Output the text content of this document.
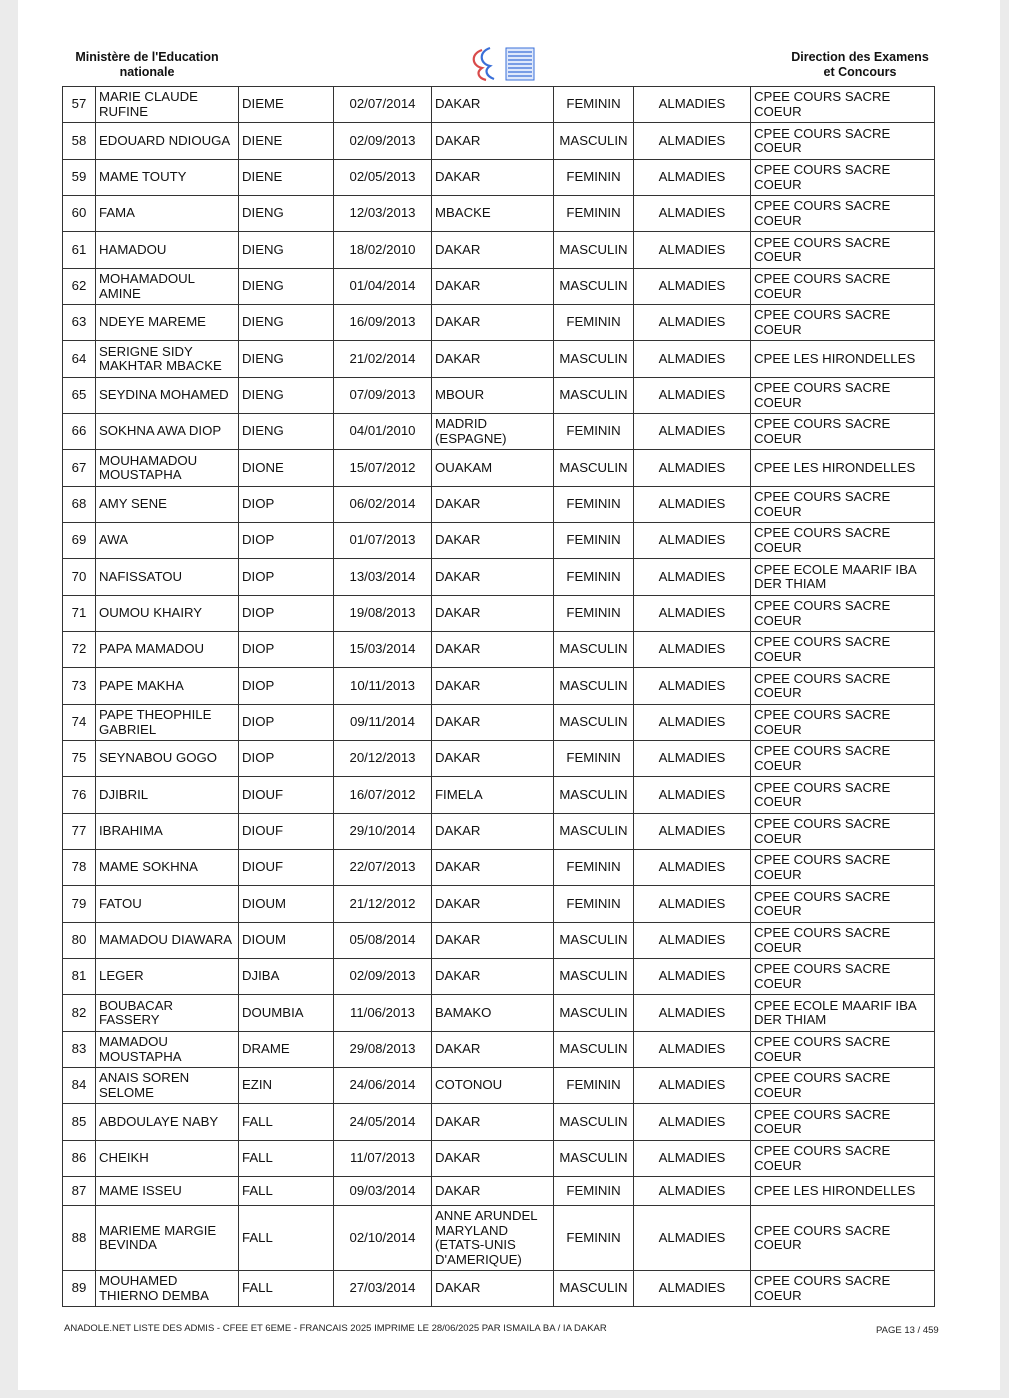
Ministère de l'Education
nationale
Direction des Examens
et Concours
57	MARIE CLAUDE RUFINE	DIEME	02/07/2014	DAKAR	FEMININ	ALMADIES	CPEE COURS SACRE COEUR
58	EDOUARD NDIOUGA	DIENE	02/09/2013	DAKAR	MASCULIN	ALMADIES	CPEE COURS SACRE COEUR
59	MAME TOUTY	DIENE	02/05/2013	DAKAR	FEMININ	ALMADIES	CPEE COURS SACRE COEUR
60	FAMA	DIENG	12/03/2013	MBACKE	FEMININ	ALMADIES	CPEE COURS SACRE COEUR
61	HAMADOU	DIENG	18/02/2010	DAKAR	MASCULIN	ALMADIES	CPEE COURS SACRE COEUR
62	MOHAMADOUL AMINE	DIENG	01/04/2014	DAKAR	MASCULIN	ALMADIES	CPEE COURS SACRE COEUR
63	NDEYE MAREME	DIENG	16/09/2013	DAKAR	FEMININ	ALMADIES	CPEE COURS SACRE COEUR
64	SERIGNE SIDY MAKHTAR MBACKE	DIENG	21/02/2014	DAKAR	MASCULIN	ALMADIES	CPEE LES HIRONDELLES
65	SEYDINA MOHAMED	DIENG	07/09/2013	MBOUR	MASCULIN	ALMADIES	CPEE COURS SACRE COEUR
66	SOKHNA AWA DIOP	DIENG	04/01/2010	MADRID (ESPAGNE)	FEMININ	ALMADIES	CPEE COURS SACRE COEUR
67	MOUHAMADOU MOUSTAPHA	DIONE	15/07/2012	OUAKAM	MASCULIN	ALMADIES	CPEE LES HIRONDELLES
68	AMY SENE	DIOP	06/02/2014	DAKAR	FEMININ	ALMADIES	CPEE COURS SACRE COEUR
69	AWA	DIOP	01/07/2013	DAKAR	FEMININ	ALMADIES	CPEE COURS SACRE COEUR
70	NAFISSATOU	DIOP	13/03/2014	DAKAR	FEMININ	ALMADIES	CPEE ECOLE MAARIF IBA DER THIAM
71	OUMOU KHAIRY	DIOP	19/08/2013	DAKAR	FEMININ	ALMADIES	CPEE COURS SACRE COEUR
72	PAPA MAMADOU	DIOP	15/03/2014	DAKAR	MASCULIN	ALMADIES	CPEE COURS SACRE COEUR
73	PAPE MAKHA	DIOP	10/11/2013	DAKAR	MASCULIN	ALMADIES	CPEE COURS SACRE COEUR
74	PAPE THEOPHILE GABRIEL	DIOP	09/11/2014	DAKAR	MASCULIN	ALMADIES	CPEE COURS SACRE COEUR
75	SEYNABOU GOGO	DIOP	20/12/2013	DAKAR	FEMININ	ALMADIES	CPEE COURS SACRE COEUR
76	DJIBRIL	DIOUF	16/07/2012	FIMELA	MASCULIN	ALMADIES	CPEE COURS SACRE COEUR
77	IBRAHIMA	DIOUF	29/10/2014	DAKAR	MASCULIN	ALMADIES	CPEE COURS SACRE COEUR
78	MAME SOKHNA	DIOUF	22/07/2013	DAKAR	FEMININ	ALMADIES	CPEE COURS SACRE COEUR
79	FATOU	DIOUM	21/12/2012	DAKAR	FEMININ	ALMADIES	CPEE COURS SACRE COEUR
80	MAMADOU DIAWARA	DIOUM	05/08/2014	DAKAR	MASCULIN	ALMADIES	CPEE COURS SACRE COEUR
81	LEGER	DJIBA	02/09/2013	DAKAR	MASCULIN	ALMADIES	CPEE COURS SACRE COEUR
82	BOUBACAR FASSERY	DOUMBIA	11/06/2013	BAMAKO	MASCULIN	ALMADIES	CPEE ECOLE MAARIF IBA DER THIAM
83	MAMADOU MOUSTAPHA	DRAME	29/08/2013	DAKAR	MASCULIN	ALMADIES	CPEE COURS SACRE COEUR
84	ANAIS SOREN SELOME	EZIN	24/06/2014	COTONOU	FEMININ	ALMADIES	CPEE COURS SACRE COEUR
85	ABDOULAYE NABY	FALL	24/05/2014	DAKAR	MASCULIN	ALMADIES	CPEE COURS SACRE COEUR
86	CHEIKH	FALL	11/07/2013	DAKAR	MASCULIN	ALMADIES	CPEE COURS SACRE COEUR
87	MAME ISSEU	FALL	09/03/2014	DAKAR	FEMININ	ALMADIES	CPEE LES HIRONDELLES
88	MARIEME MARGIE BEVINDA	FALL	02/10/2014	ANNE ARUNDEL MARYLAND (ETATS-UNIS D'AMERIQUE)	FEMININ	ALMADIES	CPEE COURS SACRE COEUR
89	MOUHAMED THIERNO DEMBA	FALL	27/03/2014	DAKAR	MASCULIN	ALMADIES	CPEE COURS SACRE COEUR
ANADOLE.NET LISTE DES ADMIS - CFEE ET 6EME - FRANCAIS 2025 IMPRIME LE 28/06/2025 PAR ISMAILA BA / IA DAKAR	PAGE 13 / 459
